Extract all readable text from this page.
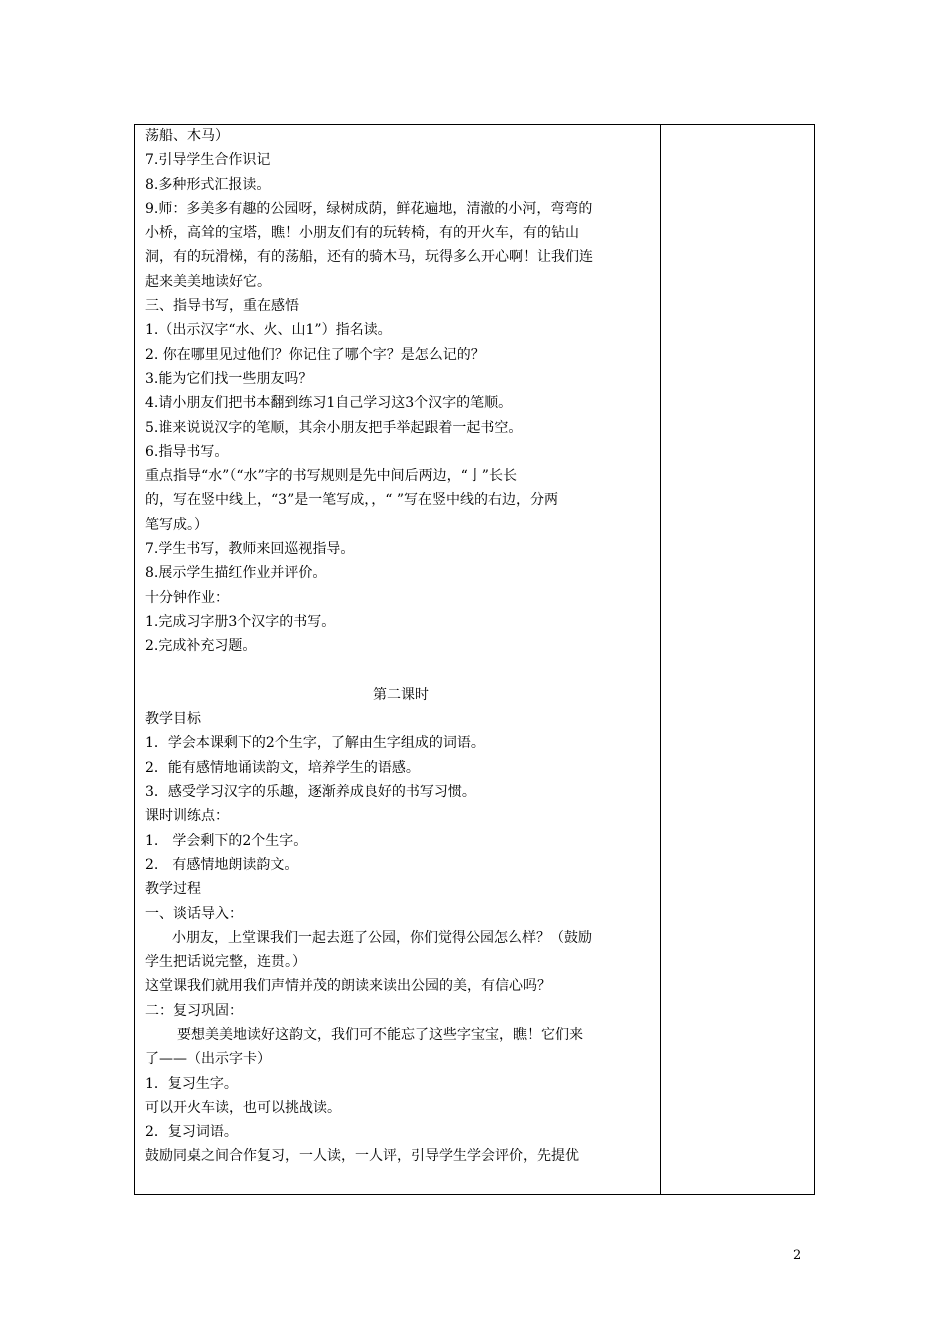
荡船、木马）
7.引导学生合作识记
8.多种形式汇报读。
9.师：多美多有趣的公园呀，绿树成荫，鲜花遍地，清澈的小河，弯弯的
小桥，高耸的宝塔，瞧！小朋友们有的玩转椅，有的开火车，有的钻山
洞，有的玩滑梯，有的荡船，还有的骑木马，玩得多么开心啊！让我们连
起来美美地读好它。
三、指导书写，重在感悟
1.（出示汉字“水、火、山1”）指名读。
2. 你在哪里见过他们？你记住了哪个字？是怎么记的？
3.能为它们找一些朋友吗？
4.请小朋友们把书本翻到练习1自己学习这3个汉字的笔顺。
5.谁来说说汉字的笔顺，其余小朋友把手举起跟着一起书空。
6.指导书写。
重点指导“水”（“水”字的书写规则是先中间后两边，“亅”长长
的，写在竖中线上，“3”是一笔写成，，“ ”写在竖中线的右边，分两
笔写成。）
7.学生书写，教师来回巡视指导。
8.展示学生描红作业并评价。
十分钟作业：
1.完成习字册3个汉字的书写。
2.完成补充习题。
第二课时
教学目标
1．学会本课剩下的2个生字，了解由生字组成的词语。
2．能有感情地诵读韵文，培养学生的语感。
3．感受学习汉字的乐趣，逐渐养成良好的书写习惯。
课时训练点：
1.　学会剩下的2个生字。
2.　有感情地朗读韵文。
教学过程
一、谈话导入：
小朋友，上堂课我们一起去逛了公园，你们觉得公园怎么样？（鼓励
学生把话说完整，连贯。）
这堂课我们就用我们声情并茂的朗读来读出公园的美，有信心吗？
二：复习巩固：
要想美美地读好这韵文，我们可不能忘了这些字宝宝，瞧！它们来
了——（出示字卡）
1．复习生字。
可以开火车读，也可以挑战读。
2．复习词语。
鼓励同桌之间合作复习，一人读，一人评，引导学生学会评价，先提优
2
